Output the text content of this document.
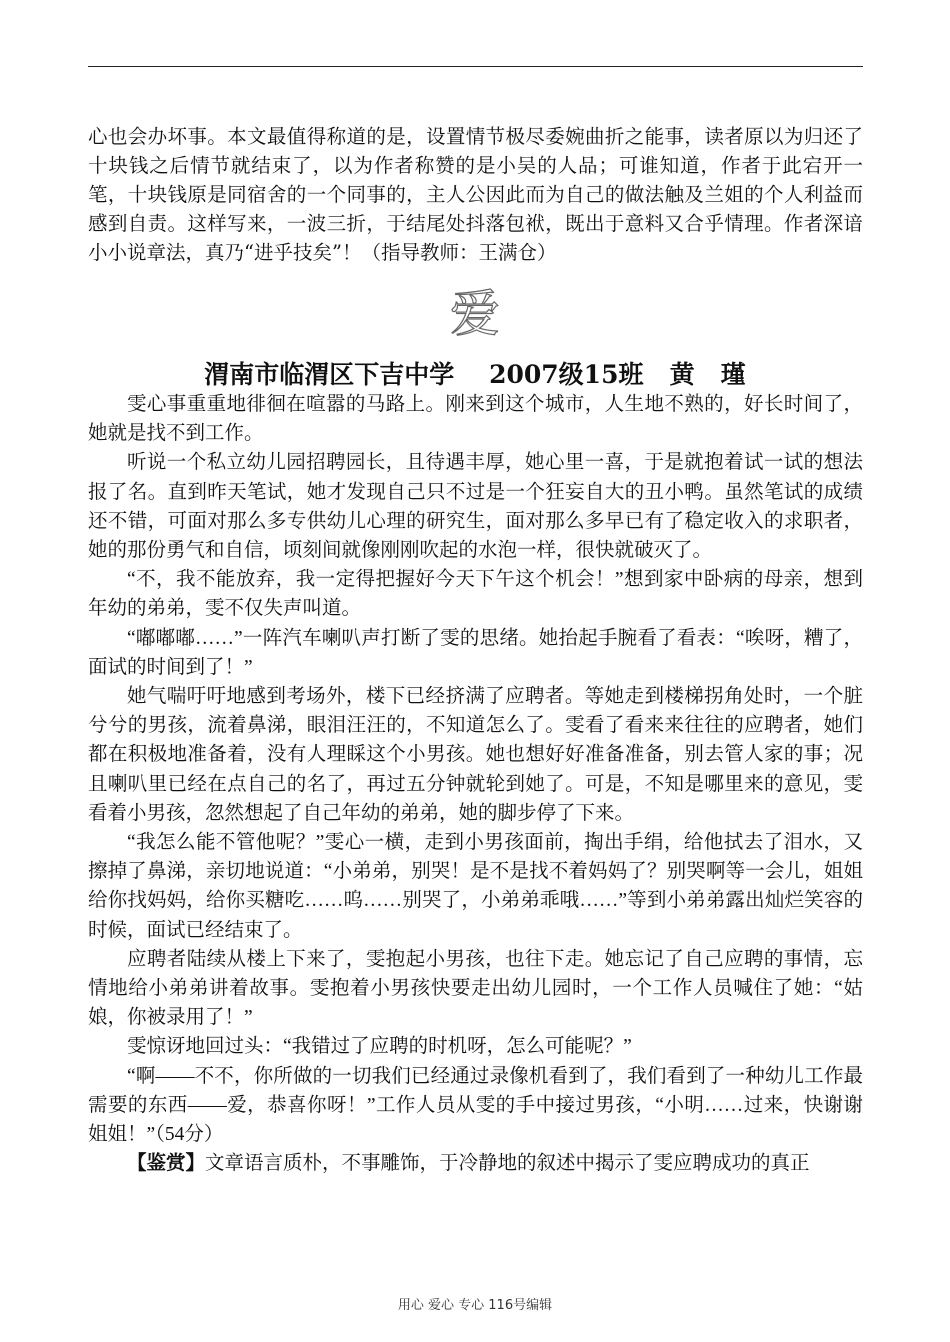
心也会办坏事。本文最值得称道的是，设置情节极尽委婉曲折之能事，读者原以为归还了十块钱之后情节就结束了，以为作者称赞的是小吴的人品；可谁知道，作者于此宕开一笔，十块钱原是同宿舍的一个同事的，主人公因此而为自己的做法触及兰姐的个人利益而感到自责。这样写来，一波三折，于结尾处抖落包袱，既出于意料又合乎情理。作者深谙小小说章法，真乃“进乎技矣”！（指导教师：王满仓）

爱
渭南市临渭区下吉中学    2007级15班   黄   瑾

雯心事重重地徘徊在喧嚣的马路上。刚来到这个城市，人生地不熟的，好长时间了，她就是找不到工作。

听说一个私立幼儿园招聘园长，且待遇丰厚，她心里一喜，于是就抱着试一试的想法报了名。直到昨天笔试，她才发现自己只不过是一个狂妄自大的丑小鸭。虽然笔试的成绩还不错，可面对那么多专供幼儿心理的研究生，面对那么多早已有了稳定收入的求职者，她的那份勇气和自信，顷刻间就像刚刚吹起的水泡一样，很快就破灭了。

“不，我不能放弃，我一定得把握好今天下午这个机会！”想到家中卧病的母亲，想到年幼的弟弟，雯不仅失声叫道。

“嘟嘟嘟……”一阵汽车喇叭声打断了雯的思绪。她抬起手腕看了看表：“唉呀，糟了，面试的时间到了！”

她气喘吁吁地感到考场外，楼下已经挤满了应聘者。等她走到楼梯拐角处时，一个脏兮兮的男孩，流着鼻涕，眼泪汪汪的，不知道怎么了。雯看了看来来往往的应聘者，她们都在积极地准备着，没有人理睬这个小男孩。她也想好好准备准备，别去管人家的事；况且喇叭里已经在点自己的名了，再过五分钟就轮到她了。可是，不知是哪里来的意见，雯看着小男孩，忽然想起了自己年幼的弟弟，她的脚步停了下来。

“我怎么能不管他呢？”雯心一横，走到小男孩面前，掏出手绢，给他拭去了泪水，又擦掉了鼻涕，亲切地说道：“小弟弟，别哭！是不是找不着妈妈了？别哭啊等一会儿，姐姐给你找妈妈，给你买糖吃……呜……别哭了，小弟弟乖哦……”等到小弟弟露出灿烂笑容的时候，面试已经结束了。

应聘者陆续从楼上下来了，雯抱起小男孩，也往下走。她忘记了自己应聘的事情，忘情地给小弟弟讲着故事。雯抱着小男孩快要走出幼儿园时，一个工作人员喊住了她：“姑娘，你被录用了！”

雯惊讶地回过头：“我错过了应聘的时机呀，怎么可能呢？”

“啊——不不，你所做的一切我们已经通过录像机看到了，我们看到了一种幼儿工作最需要的东西——爱，恭喜你呀！”工作人员从雯的手中接过男孩，“小明……过来，快谢谢姐姐！”（54分）

【鉴赏】文章语言质朴，不事雕饰，于冷静地的叙述中揭示了雯应聘成功的真正

用心 爱心 专心 116号编辑
